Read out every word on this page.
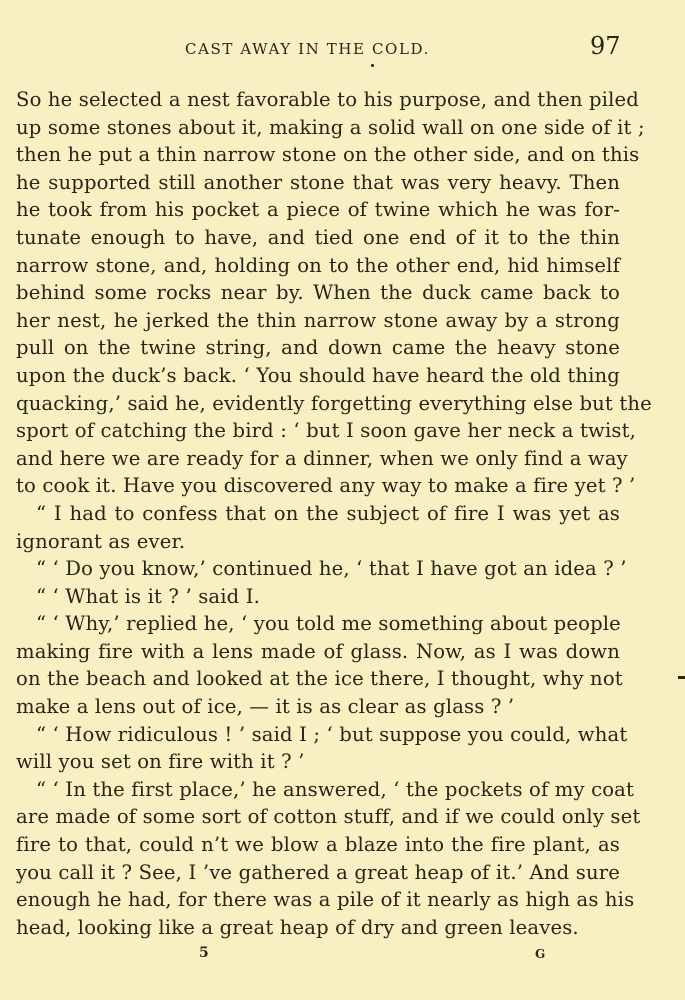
CAST AWAY IN THE COLD.	97
So he selected a nest favorable to his purpose, and then piled
up some stones about it, making a solid wall on one side of it ;
then he put a thin narrow stone on the other side, and on this
he supported still another stone that was very heavy. Then
he took from his pocket a piece of twine which he was for-
tunate enough to have, and tied one end of it to the thin
narrow stone, and, holding on to the other end, hid himself
behind some rocks near by. When the duck came back to
her nest, he jerked the thin narrow stone away by a strong
pull on the twine string, and down came the heavy stone
upon the duck’s back. ‘ You should have heard the old thing
quacking,’ said he, evidently forgetting everything else but the
sport of catching the bird : ‘ but I soon gave her neck a twist,
and here we are ready for a dinner, when we only find a way
to cook it. Have you discovered any way to make a fire yet ? ’
“ I had to confess that on the subject of fire I was yet as
ignorant as ever.
“ ‘ Do you know,’ continued he, ‘ that I have got an idea ? ’
“ ‘ What is it ? ’ said I.
“ ‘ Why,’ replied he, ‘ you told me something about people
making fire with a lens made of glass. Now, as I was down
on the beach and looked at the ice there, I thought, why not
make a lens out of ice, — it is as clear as glass ? ’
“ ‘ How ridiculous ! ’ said I ; ‘ but suppose you could, what
will you set on fire with it ? ’
“ ‘ In the first place,’ he answered, ‘ the pockets of my coat
are made of some sort of cotton stuff, and if we could only set
fire to that, could n’t we blow a blaze into the fire plant, as
you call it ? See, I ’ve gathered a great heap of it.’ And sure
enough he had, for there was a pile of it nearly as high as his
head, looking like a great heap of dry and green leaves.
5	G
